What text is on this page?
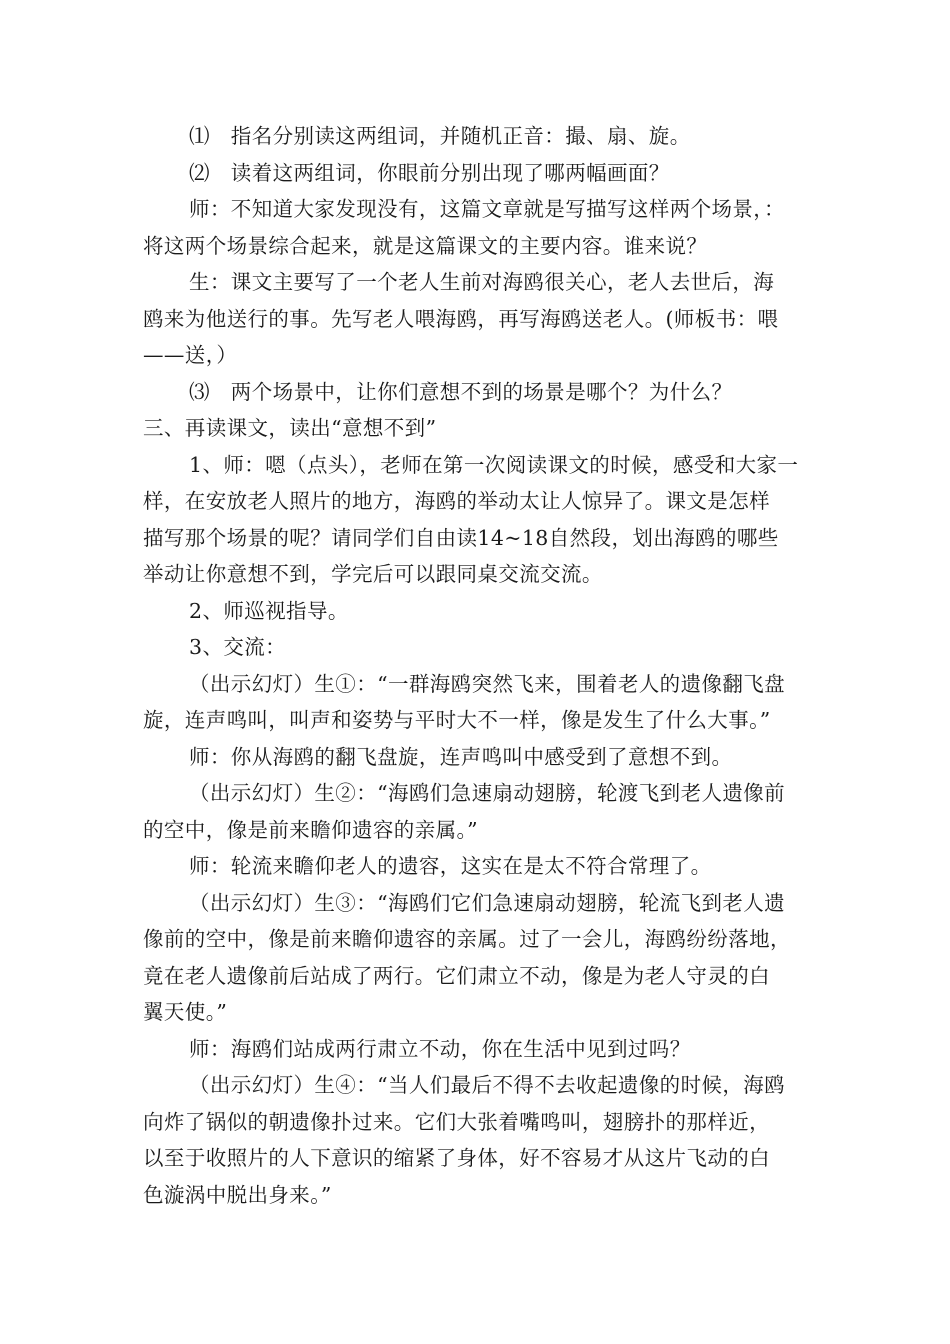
⑴　指名分别读这两组词，并随机正音：撮、扇、旋。
⑵　读着这两组词，你眼前分别出现了哪两幅画面？
师：不知道大家发现没有，这篇文章就是写描写这样两个场景，：
将这两个场景综合起来，就是这篇课文的主要内容。谁来说？
生：课文主要写了一个老人生前对海鸥很关心，老人去世后，海
鸥来为他送行的事。先写老人喂海鸥，再写海鸥送老人。(师板书：喂
——送，）
⑶　两个场景中，让你们意想不到的场景是哪个？为什么？
三、再读课文，读出“意想不到”
1、师：嗯（点头），老师在第一次阅读课文的时候，感受和大家一
样，在安放老人照片的地方，海鸥的举动太让人惊异了。课文是怎样
描写那个场景的呢？请同学们自由读14~18自然段，划出海鸥的哪些
举动让你意想不到，学完后可以跟同桌交流交流。
2、师巡视指导。
3、交流：
（出示幻灯）生①：“一群海鸥突然飞来，围着老人的遗像翻飞盘
旋，连声鸣叫，叫声和姿势与平时大不一样，像是发生了什么大事。”
师：你从海鸥的翻飞盘旋，连声鸣叫中感受到了意想不到。
（出示幻灯）生②：“海鸥们急速扇动翅膀，轮渡飞到老人遗像前
的空中，像是前来瞻仰遗容的亲属。”
师：轮流来瞻仰老人的遗容，这实在是太不符合常理了。
（出示幻灯）生③：“海鸥们它们急速扇动翅膀，轮流飞到老人遗
像前的空中，像是前来瞻仰遗容的亲属。过了一会儿，海鸥纷纷落地，
竟在老人遗像前后站成了两行。它们肃立不动，像是为老人守灵的白
翼天使。”
师：海鸥们站成两行肃立不动，你在生活中见到过吗？
（出示幻灯）生④：“当人们最后不得不去收起遗像的时候，海鸥
向炸了锅似的朝遗像扑过来。它们大张着嘴鸣叫，翅膀扑的那样近，
以至于收照片的人下意识的缩紧了身体，好不容易才从这片飞动的白
色漩涡中脱出身来。”
